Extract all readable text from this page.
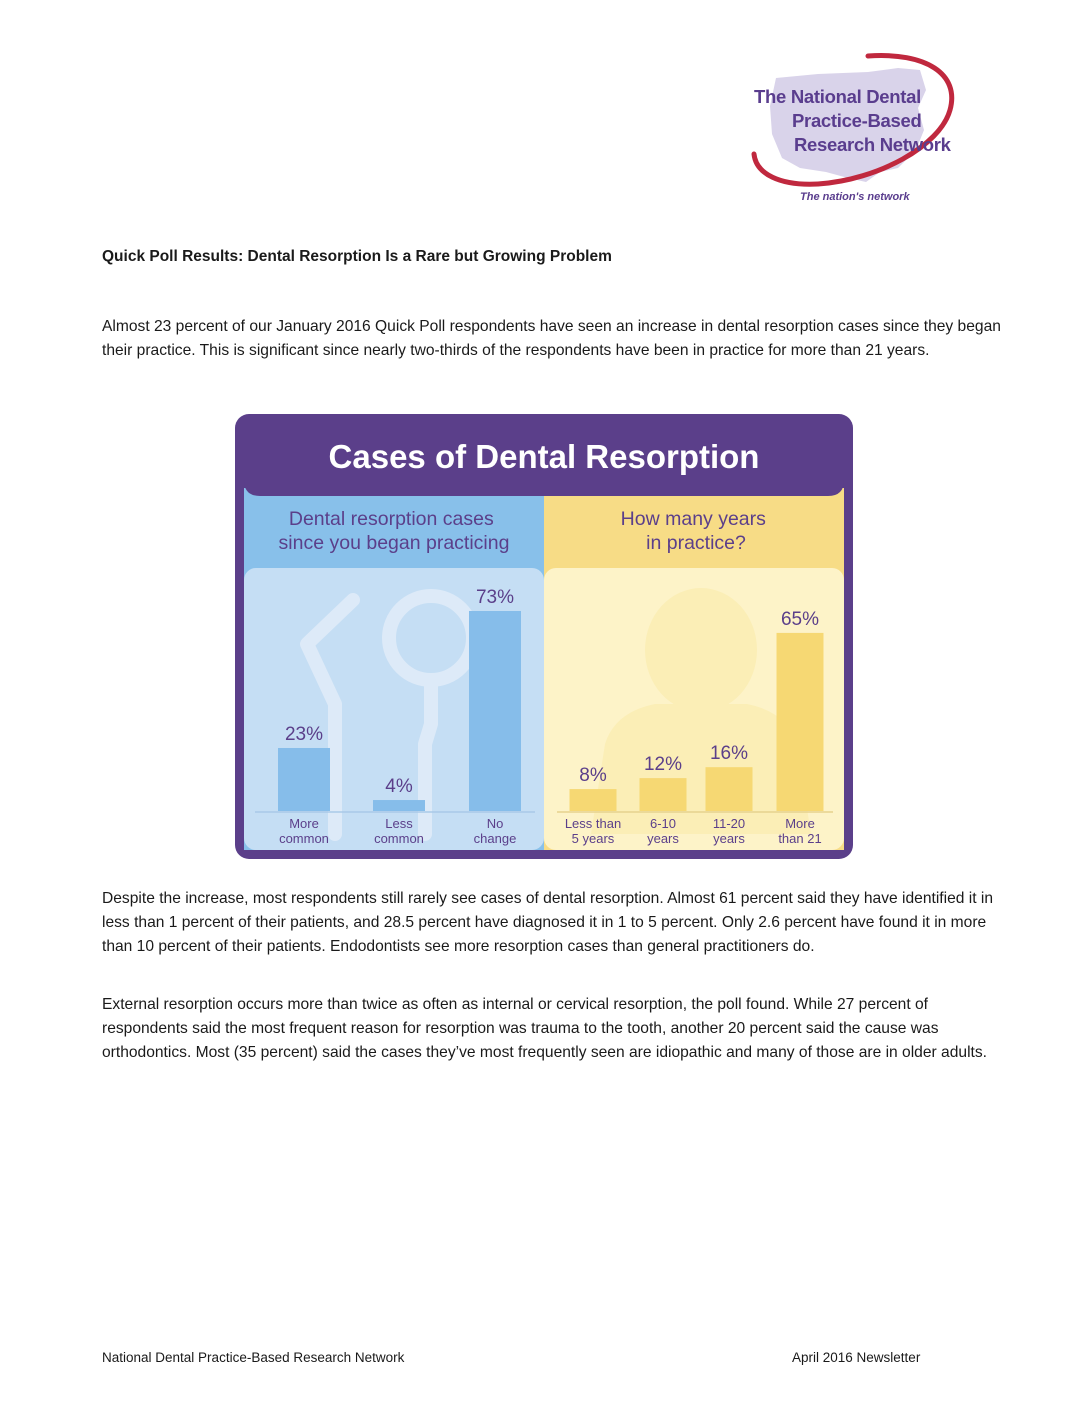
The National Dental
Practice-Based
Research Network
The nation's network
Quick Poll Results: Dental Resorption Is a Rare but Growing Problem

Almost 23 percent of our January 2016 Quick Poll respondents have seen an increase in dental resorption cases since they began their practice. This is significant since nearly two-thirds of the respondents have been in practice for more than 21 years.

Cases of Dental Resorption
Dental resorption cases since you began practicing
How many years in practice?
23%
More
common
4%
Less
common
73%
No
change
8%
Less than
5 years
12%
6-10
years
16%
11-20
years
65%
More
than 21

Despite the increase, most respondents still rarely see cases of dental resorption. Almost 61 percent said they have identified it in less than 1 percent of their patients, and 28.5 percent have diagnosed it in 1 to 5 percent. Only 2.6 percent have found it in more than 10 percent of their patients. Endodontists see more resorption cases than general practitioners do.

External resorption occurs more than twice as often as internal or cervical resorption, the poll found. While 27 percent of respondents said the most frequent reason for resorption was trauma to the tooth, another 20 percent said the cause was orthodontics. Most (35 percent) said the cases they’ve most frequently seen are idiopathic and many of those are in older adults.

National Dental Practice-Based Research Network	April 2016 Newsletter
